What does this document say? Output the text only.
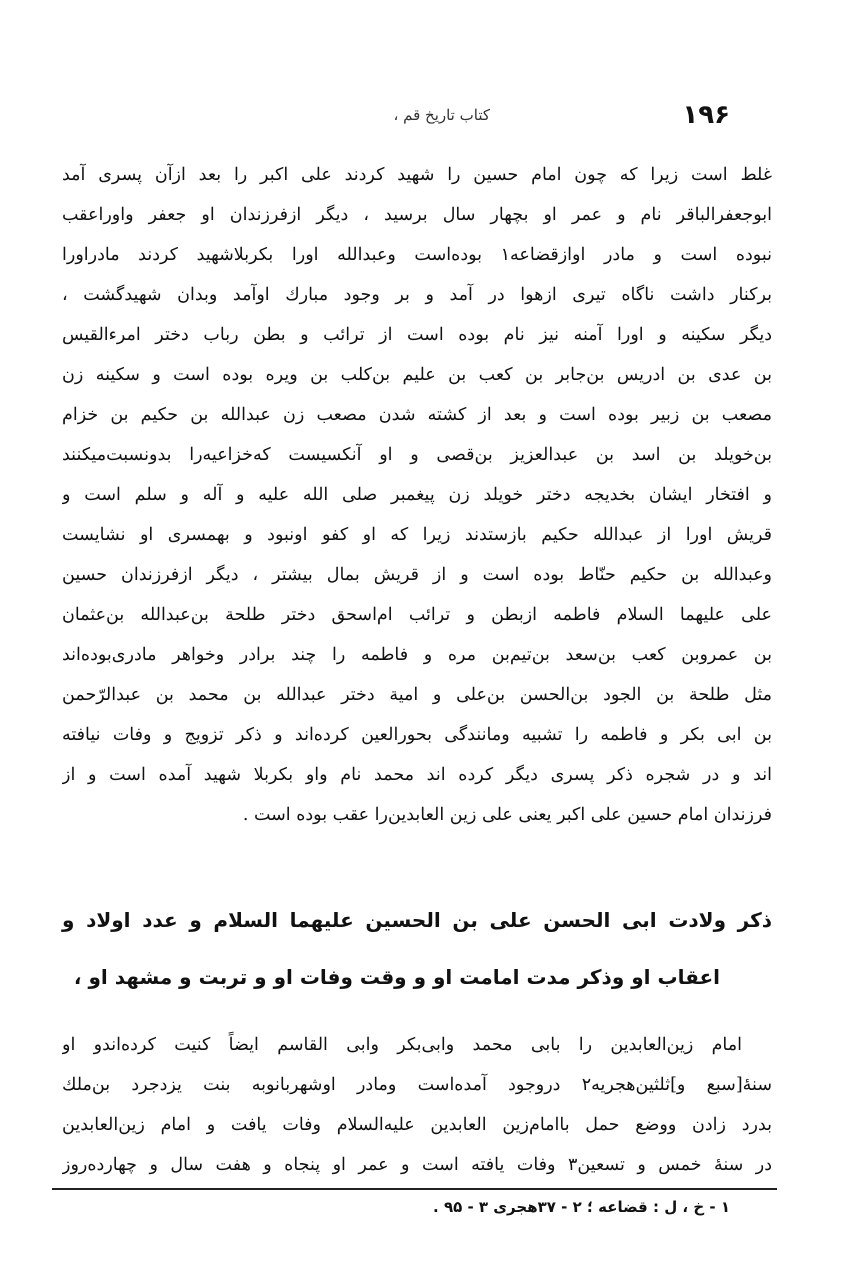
۱۹۶
کتاب تاریخ قم ،
غلط است زیرا که چون امام حسین را شهید کردند علی اکبر را بعد ازآن پسری آمد
ابوجعفرالباقر نام و عمر او بچهار سال برسید ، دیگر ازفرزندان او جعفر واوراعقب
نبوده است و مادر اوازقضاعه۱ بوده‌است وعبدالله اورا بکربلاشهید کردند مادراورا
برکنار داشت ناگاه تیری ازهوا در آمد و بر وجود مبارك اوآمد وبدان شهیدگشت ،
دیگر سکینه و اورا آمنه نیز نام بوده است از ترائب و بطن رباب دختر امرءالقیس
بن عدی بن ادریس بن‌جابر بن کعب بن علیم بن‌کلب بن ویره بوده است و سکینه زن
مصعب بن زبیر بوده است و بعد از کشته شدن مصعب زن عبدالله بن حکیم بن خزام
بن‌خویلد بن اسد بن عبدالعزیز بن‌قصی و او آنکسیست که‌خزاعیه‌را بدونسبت‌میکنند
و افتخار ایشان بخدیجه دختر خویلد زن پیغمبر صلی الله علیه و آله و سلم است و
قریش اورا از عبدالله حکیم بازستدند زیرا که او کفو اونبود و بهمسری او نشایست
وعبدالله بن حکیم حنّاط بوده است و از قریش بمال بیشتر ، دیگر ازفرزندان حسین
علی علیهما السلام فاطمه ازبطن و ترائب ام‌اسحق دختر طلحة بن‌عبدالله بن‌عثمان
بن عمروبن کعب بن‌سعد بن‌تیم‌بن مره و فاطمه را چند برادر وخواهر مادری‌بوده‌اند
مثل طلحة بن الجود بن‌الحسن بن‌علی و امیة دختر عبدالله بن محمد بن عبدالرّحمن
بن ابی بکر و فاطمه را تشبیه ومانندگی بحورالعین کرده‌اند و ذکر تزویج و وفات نیافته
اند و در شجره ذکر پسری دیگر کرده اند محمد نام واو بکربلا شهید آمده است و از
فرزندان امام حسین علی اکبر یعنی علی زین العابدین‌را عقب بوده است .
ذکر ولادت ابی الحسن علی بن الحسین علیهما السلام و عدد اولاد و
اعقاب او وذکر مدت امامت او و وقت وفات او و تربت و مشهد او ،
امام زین‌العابدین را بابی محمد وابی‌بکر وابی القاسم ایضاً کنیت کرده‌اندو او
سنهٔ[سبع و]ثلثین‌هجریه۲ دروجود آمده‌است ومادر اوشهربانوبه بنت یزدجرد بن‌ملك
بدرد زادن ووضع حمل باامام‌زین العابدین علیه‌السلام وفات یافت و امام زین‌العابدین
در سنهٔ خمس و تسعین۳ وفات یافته است و عمر او پنجاه و هفت سال و چهارده‌روز
۱ - خ ، ل : قضاعه ؛ ۲ - ۳۷هجری ۳ - ۹۵ .
